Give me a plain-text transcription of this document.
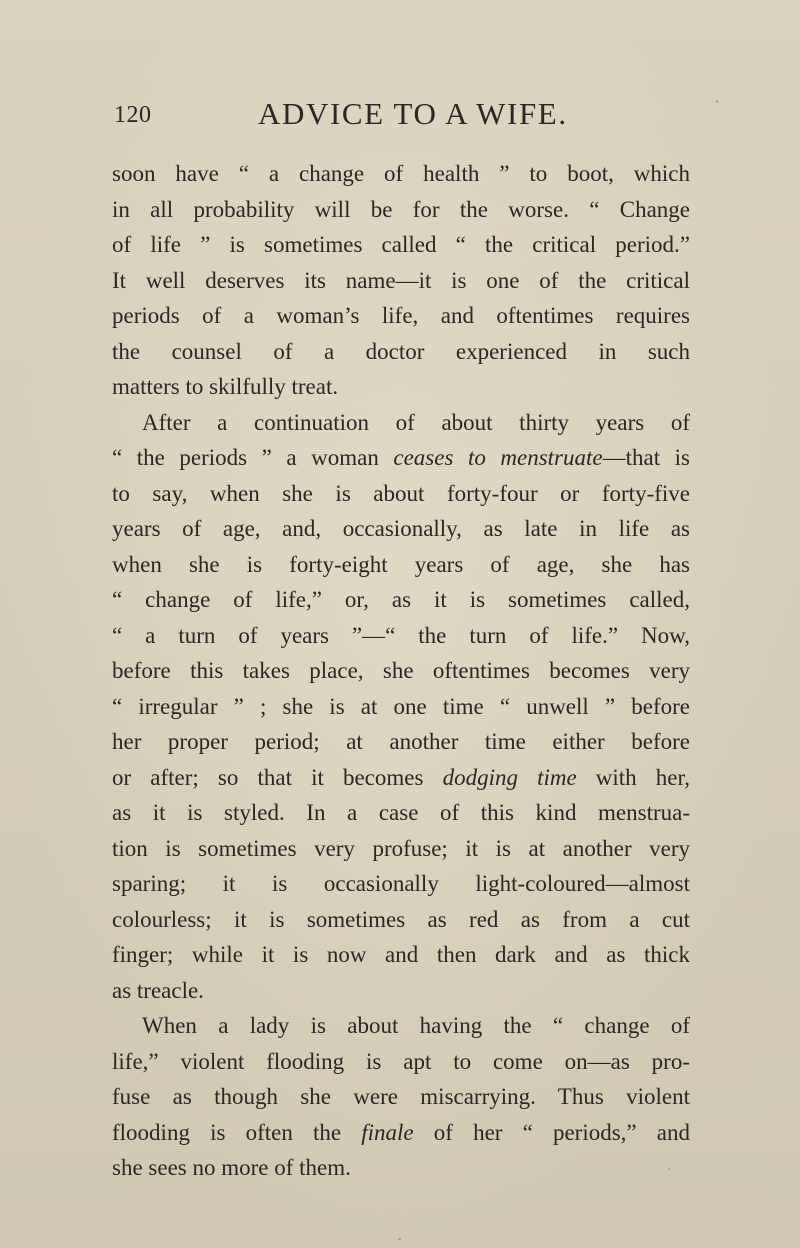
120	ADVICE TO A WIFE.
soon have “ a change of health ” to boot, which
in all probability will be for the worse. “ Change
of life ” is sometimes called “ the critical period.”
It well deserves its name—it is one of the critical
periods of a woman’s life, and oftentimes requires
the counsel of a doctor experienced in such
matters to skilfully treat.
After a continuation of about thirty years of
“ the periods ” a woman ceases to menstruate—that is
to say, when she is about forty-four or forty-five
years of age, and, occasionally, as late in life as
when she is forty-eight years of age, she has
“ change of life,” or, as it is sometimes called,
“ a turn of years ”—“ the turn of life.” Now,
before this takes place, she oftentimes becomes very
“ irregular ” ; she is at one time “ unwell ” before
her proper period; at another time either before
or after; so that it becomes dodging time with her,
as it is styled. In a case of this kind menstrua-
tion is sometimes very profuse; it is at another very
sparing; it is occasionally light-coloured—almost
colourless; it is sometimes as red as from a cut
finger; while it is now and then dark and as thick
as treacle.
When a lady is about having the “ change of
life,” violent flooding is apt to come on—as pro-
fuse as though she were miscarrying. Thus violent
flooding is often the finale of her “ periods,” and
she sees no more of them.
